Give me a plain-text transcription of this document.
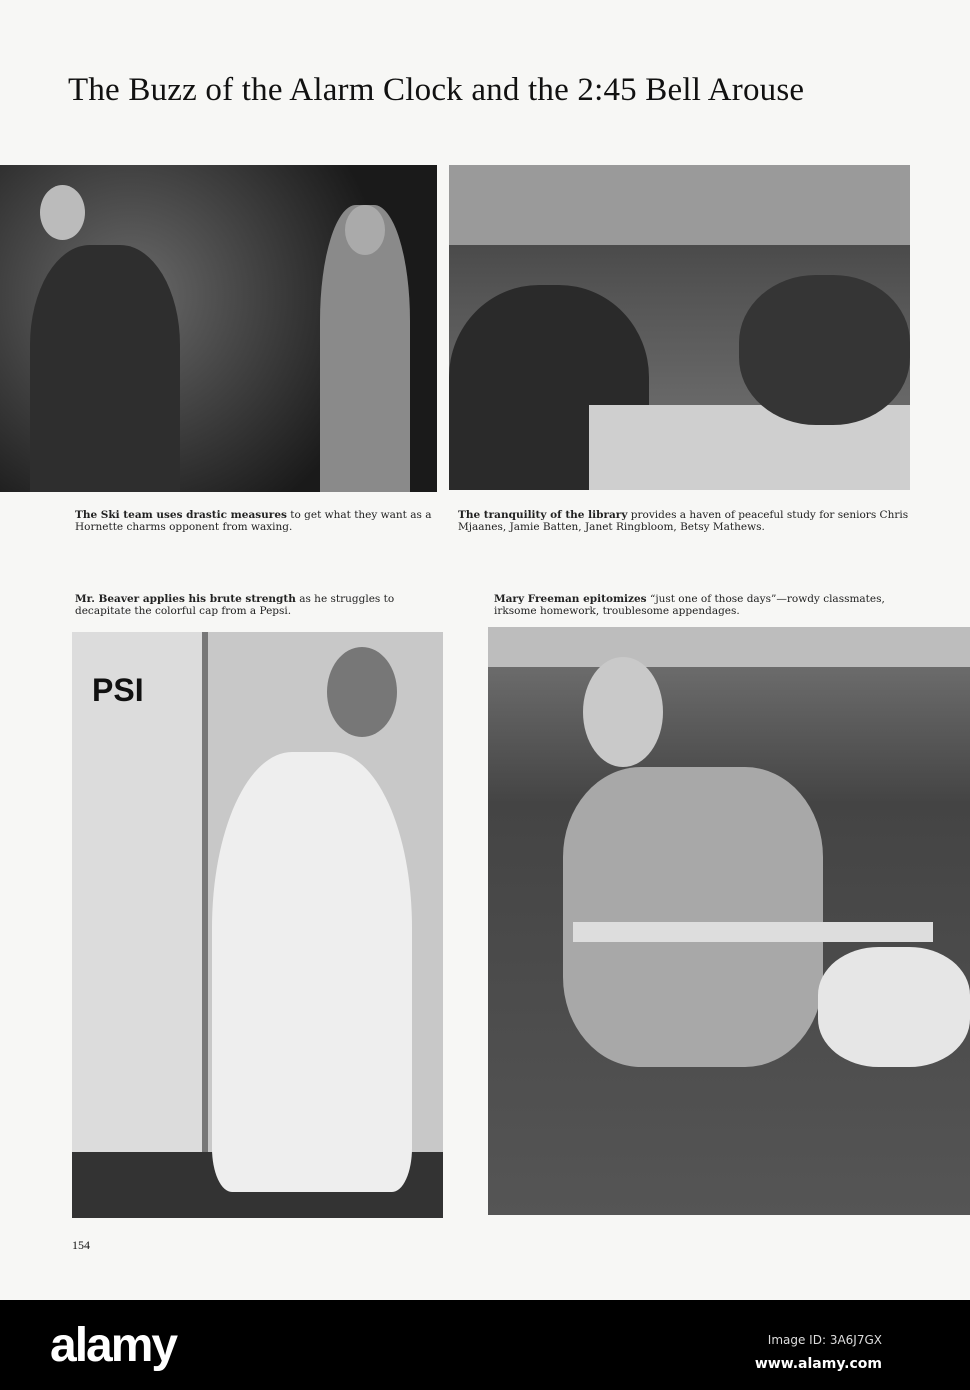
The Buzz of the Alarm Clock and the 2:45 Bell Arouse
The Ski team uses drastic measures to get what they want as a Hornette charms opponent from waxing.
The tranquility of the library provides a haven of peaceful study for seniors Chris Mjaanes, Jamie Batten, Janet Ringbloom, Betsy Mathews.
Mr. Beaver applies his brute strength as he struggles to decapitate the colorful cap from a Pepsi.
Mary Freeman epitomizes “just one of those days”—rowdy classmates, irksome homework, troublesome appendages.
PSI
154
alamy	Image ID: 3A6J7GX
www.alamy.com
